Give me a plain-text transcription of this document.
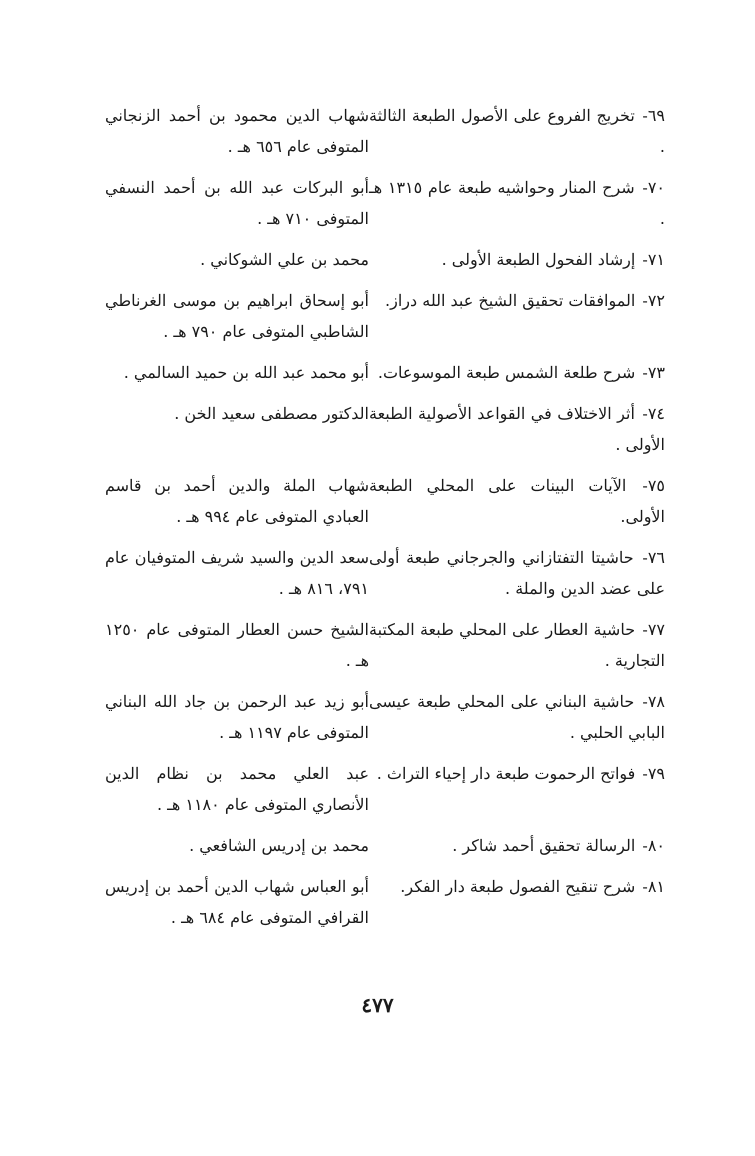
٦٩- تخريج الفروع على الأصول الطبعة الثالثة .
شهاب الدين محمود بن أحمد الزنجاني المتوفى عام ٦٥٦ هـ .
٧٠- شرح المنار وحواشيه طبعة عام ١٣١٥ هـ .
أبو البركات عبد الله بن أحمد النسفي المتوفى ٧١٠ هـ .
٧١- إرشاد الفحول الطبعة الأولى .
محمد بن علي الشوكاني .
٧٢- الموافقات تحقيق الشيخ عبد الله دراز.
أبو إسحاق ابراهيم بن موسى الغرناطي الشاطبي المتوفى عام ٧٩٠ هـ .
٧٣- شرح طلعة الشمس طبعة الموسوعات.
أبو محمد عبد الله بن حميد السالمي .
٧٤- أثر الاختلاف في القواعد الأصولية الطبعة الأولى .
الدكتور مصطفى سعيد الخن .
٧٥- الآيات البينات على المحلي الطبعة الأولى.
شهاب الملة والدين أحمد بن قاسم العبادي المتوفى عام ٩٩٤ هـ .
٧٦- حاشيتا التفتازاني والجرجاني طبعة أولى على عضد الدين والملة .
سعد الدين والسيد شريف المتوفيان عام ٧٩١، ٨١٦ هـ .
٧٧- حاشية العطار على المحلي طبعة المكتبة التجارية .
الشيخ حسن العطار المتوفى عام ١٢٥٠ هـ .
٧٨- حاشية البناني على المحلي طبعة عيسى البابي الحلبي .
أبو زيد عبد الرحمن بن جاد الله البناني المتوفى عام ١١٩٧ هـ .
٧٩- فواتح الرحموت طبعة دار إحياء التراث .
عبد العلي محمد بن نظام الدين الأنصاري المتوفى عام ١١٨٠ هـ .
٨٠- الرسالة تحقيق أحمد شاكر .
محمد بن إدريس الشافعي .
٨١- شرح تنقيح الفصول طبعة دار الفكر.
أبو العباس شهاب الدين أحمد بن إدريس القرافي المتوفى عام ٦٨٤ هـ .
٤٧٧
